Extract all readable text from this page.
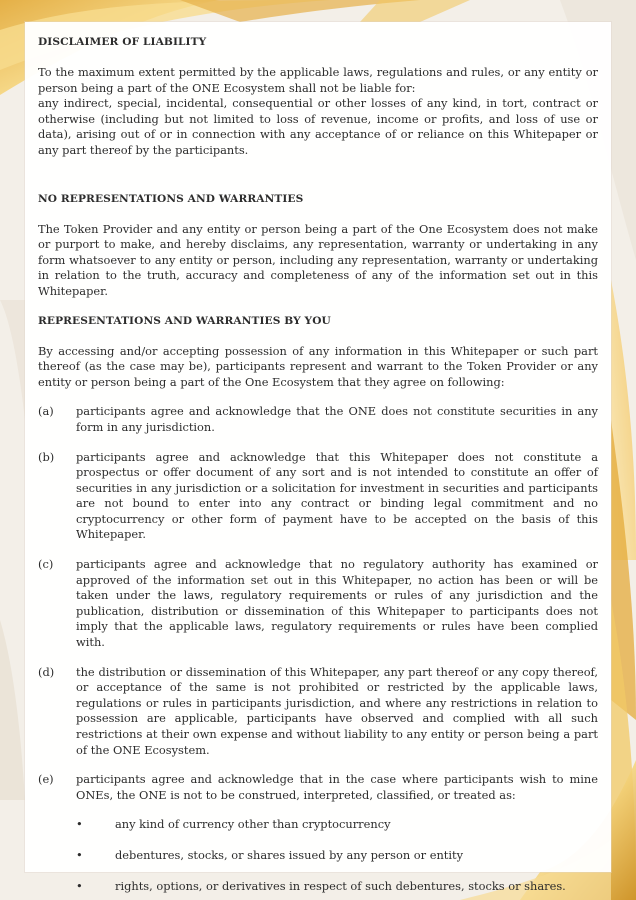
DISCLAIMER OF LIABILITY

To the maximum extent permitted by the applicable laws, regulations and rules, or any entity or person being a part of the ONE Ecosystem shall not be liable for:

any indirect, special, incidental, consequential or other losses of any kind, in tort, contract or otherwise (including but not limited to loss of revenue, income or profits, and loss of use or data), arising out of or in connection with any acceptance of or reliance on this Whitepaper or any part thereof by the participants.

NO REPRESENTATIONS AND WARRANTIES

The Token Provider and any entity or person being a part of the One Ecosystem does not make or purport to make, and hereby disclaims, any representation, warranty or undertaking in any form whatsoever to any entity or person, including any representation, warranty or undertaking in relation to the truth, accuracy and completeness of any of the information set out in this Whitepaper.

REPRESENTATIONS AND WARRANTIES BY YOU

By accessing and/or accepting possession of any information in this Whitepaper or such part thereof (as the case may be), participants represent and warrant to the Token Provider or any entity or person being a part of the One Ecosystem that they agree on following:

(a)	participants agree and acknowledge that the ONE does not constitute securities in any form in any jurisdiction.
(b)	participants agree and acknowledge that this Whitepaper does not constitute a prospectus or offer document of any sort and is not intended to constitute an offer of securities in any jurisdiction or a solicitation for investment in securities and participants are not bound to enter into any contract or binding legal commitment and no cryptocurrency or other form of payment have to be accepted on the basis of this Whitepaper.
(c)	participants agree and acknowledge that no regulatory authority has examined or approved of the information set out in this Whitepaper, no action has been or will be taken under the laws, regulatory requirements or rules of any jurisdiction and the publication, distribution or dissemination of this Whitepaper to participants does not imply that the applicable laws, regulatory requirements or rules have been complied with.
(d)	the distribution or dissemination of this Whitepaper, any part thereof or any copy thereof, or acceptance of the same is not prohibited or restricted by the applicable laws, regulations or rules in participants jurisdiction, and where any restrictions in relation to possession are applicable, participants have observed and complied with all such restrictions at their own expense and without liability to any entity or person being a part of the ONE Ecosystem.
(e)	participants agree and acknowledge that in the case where participants wish to mine ONEs, the ONE is not to be construed, interpreted, classified, or treated as:
•	any kind of currency other than cryptocurrency
•	debentures, stocks, or shares issued by any person or entity
•	rights, options, or derivatives in respect of such debentures, stocks or shares.
